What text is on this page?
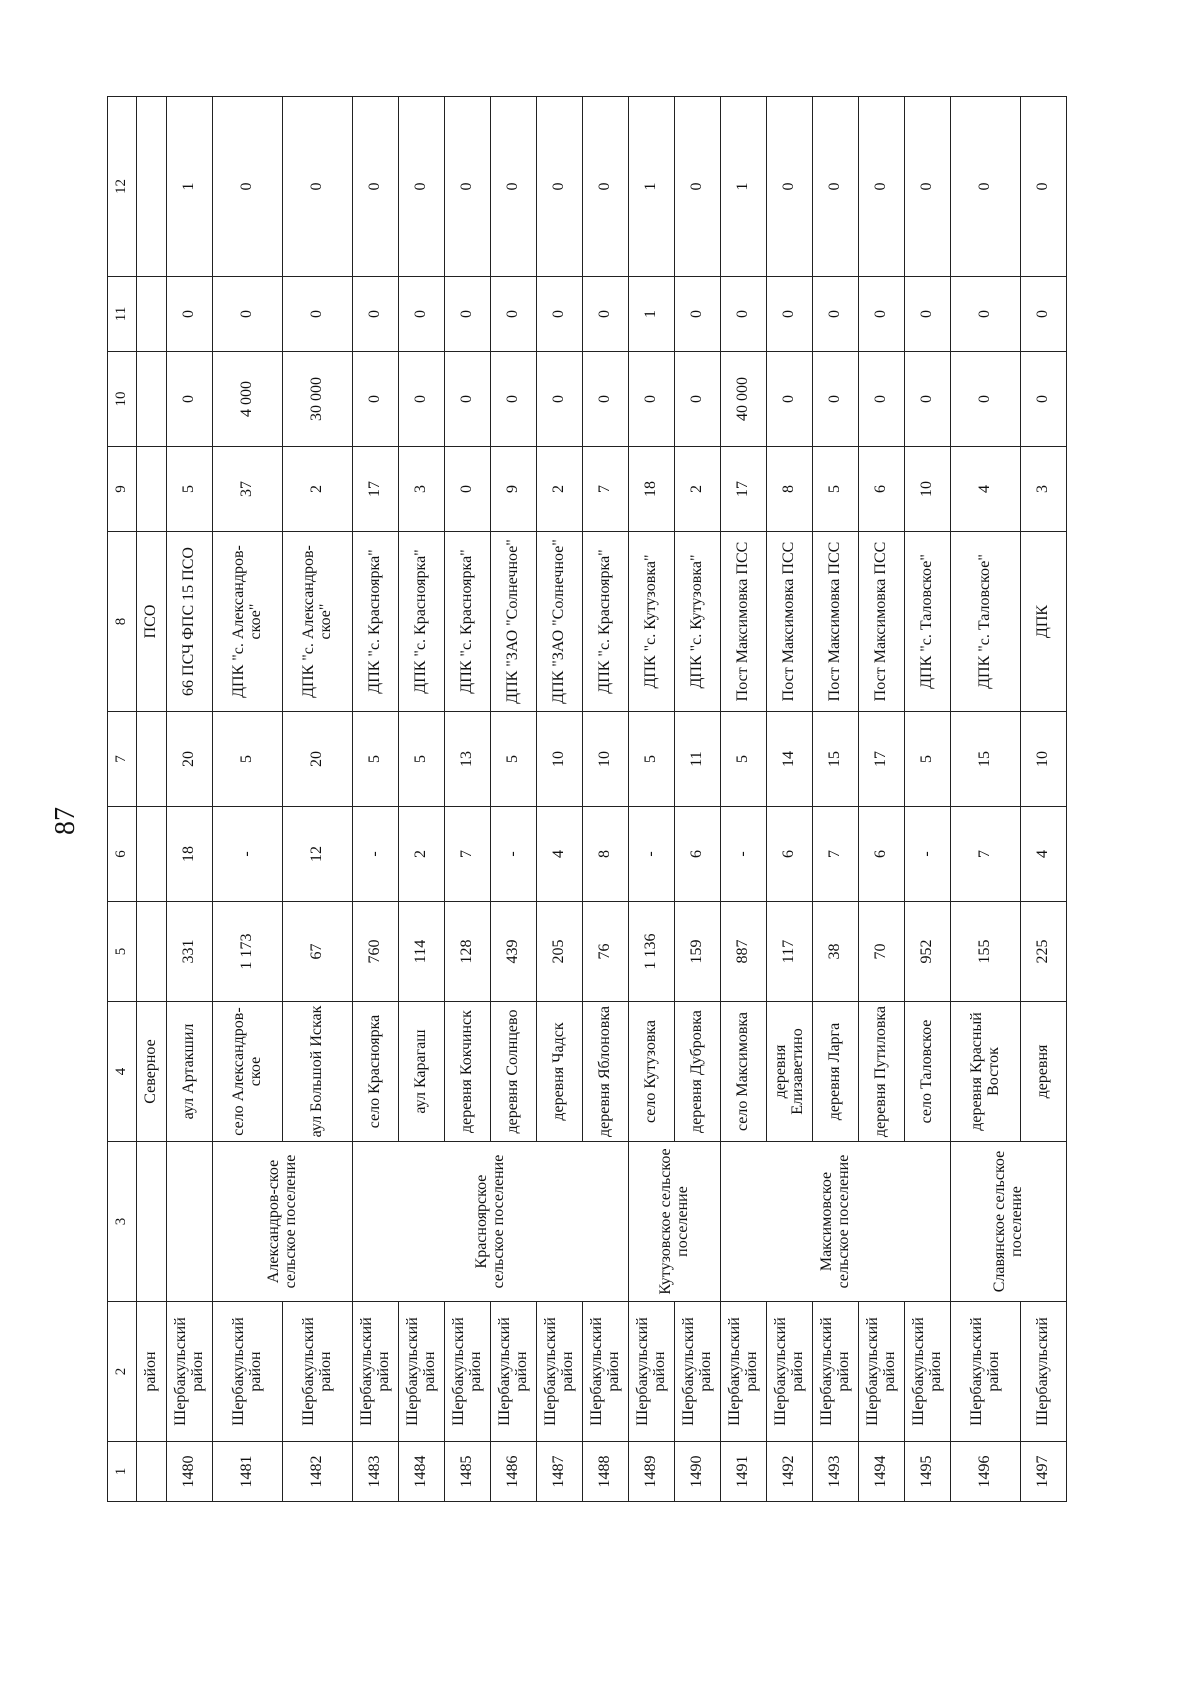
87
1	2	3	4	5	6	7	8	9	10	11	12
	район		Северное				ПСО				
1480	Шербакульский район		аул Артакшил	331	18	20	66 ПСЧ ФПС 15 ПСО	5	0	0	1
1481	Шербакульский район	Александров-ское сельское поселение	село Александров-ское	1 173	-	5	ДПК "с. Александров-ское"	37	4 000	0	0
1482	Шербакульский район		аул Большой Искак	67	12	20	ДПК "с. Александров-ское"	2	30 000	0	0
1483	Шербакульский район	Красноярское сельское поселение	село Красноярка	760	-	5	ДПК "с. Красноярка"	17	0	0	0
1484	Шербакульский район		аул Карагаш	114	2	5	ДПК "с. Красноярка"	3	0	0	0
1485	Шербакульский район		деревня Кокчинск	128	7	13	ДПК "с. Красноярка"	0	0	0	0
1486	Шербакульский район		деревня Солнцево	439	-	5	ДПК "ЗАО "Солнечное"	9	0	0	0
1487	Шербакульский район		деревня Чадск	205	4	10	ДПК "ЗАО "Солнечное"	2	0	0	0
1488	Шербакульский район		деревня Яблоновка	76	8	10	ДПК "с. Красноярка"	7	0	0	0
1489	Шербакульский район	Кутузовское сельское поселение	село Кутузовка	1 136	-	5	ДПК "с. Кутузовка"	18	0	1	1
1490	Шербакульский район		деревня Дубровка	159	6	11	ДПК "с. Кутузовка"	2	0	0	0
1491	Шербакульский район	Максимовское сельское поселение	село Максимовка	887	-	5	Пост Максимовка ПСС	17	40 000	0	1
1492	Шербакульский район		деревня Елизаветино	117	6	14	Пост Максимовка ПСС	8	0	0	0
1493	Шербакульский район		деревня Ларга	38	7	15	Пост Максимовка ПСС	5	0	0	0
1494	Шербакульский район		деревня Путиловка	70	6	17	Пост Максимовка ПСС	6	0	0	0
1495	Шербакульский район		село Таловское	952	-	5	ДПК "с. Таловское"	10	0	0	0
1496	Шербакульский район	Славянское сельское поселение	деревня Красный Восток	155	7	15	ДПК "с. Таловское"	4	0	0	0
1497	Шербакульский		деревня	225	4	10	ДПК	3	0	0	0
